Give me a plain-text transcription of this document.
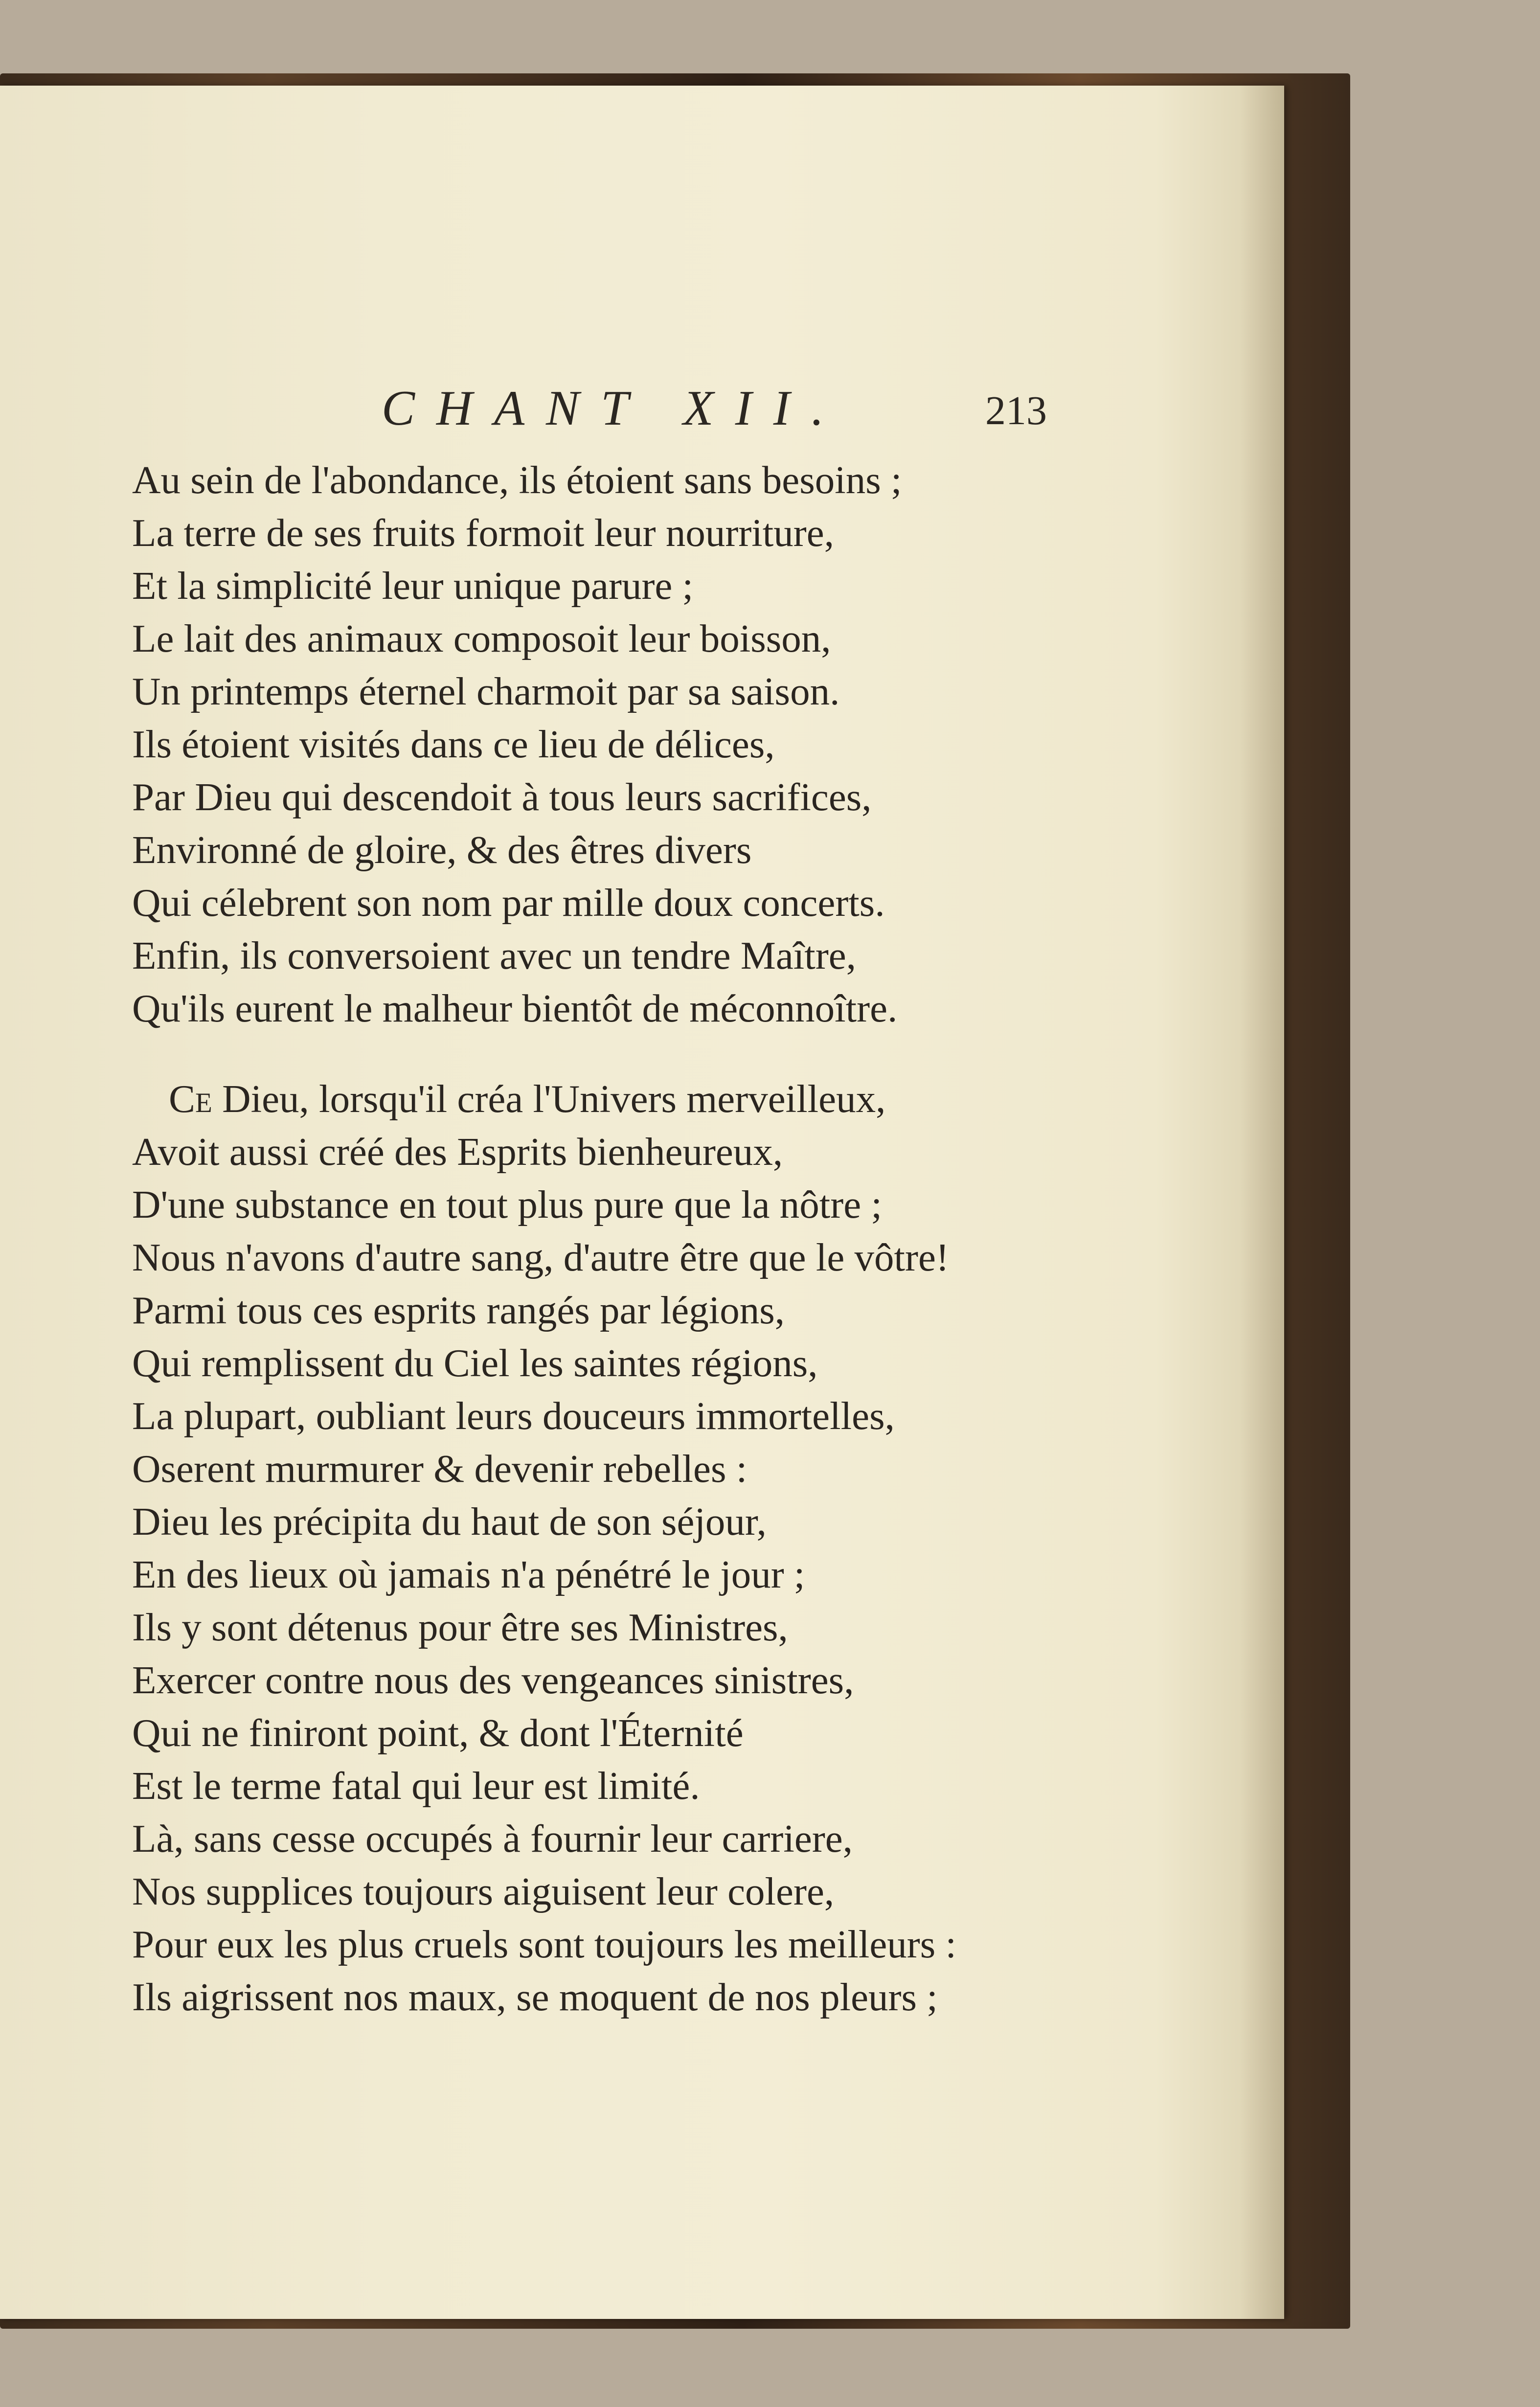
CHANT XII.	213
Au sein de l'abondance, ils étoient sans besoins ;
La terre de ses fruits formoit leur nourriture,
Et la simplicité leur unique parure ;
Le lait des animaux composoit leur boisson,
Un printemps éternel charmoit par sa saison.
Ils étoient visités dans ce lieu de délices,
Par Dieu qui descendoit à tous leurs sacrifices,
Environné de gloire, & des êtres divers
Qui célebrent son nom par mille doux concerts.
Enfin, ils conversoient avec un tendre Maître,
Qu'ils eurent le malheur bientôt de méconnoître.
Ce Dieu, lorsqu'il créa l'Univers merveilleux,
Avoit aussi créé des Esprits bienheureux,
D'une substance en tout plus pure que la nôtre ;
Nous n'avons d'autre sang, d'autre être que le vôtre!
Parmi tous ces esprits rangés par légions,
Qui remplissent du Ciel les saintes régions,
La plupart, oubliant leurs douceurs immortelles,
Oserent murmurer & devenir rebelles :
Dieu les précipita du haut de son séjour,
En des lieux où jamais n'a pénétré le jour ;
Ils y sont détenus pour être ses Ministres,
Exercer contre nous des vengeances sinistres,
Qui ne finiront point, & dont l'Éternité
Est le terme fatal qui leur est limité.
Là, sans cesse occupés à fournir leur carriere,
Nos supplices toujours aiguisent leur colere,
Pour eux les plus cruels sont toujours les meilleurs :
Ils aigrissent nos maux, se moquent de nos pleurs ;
